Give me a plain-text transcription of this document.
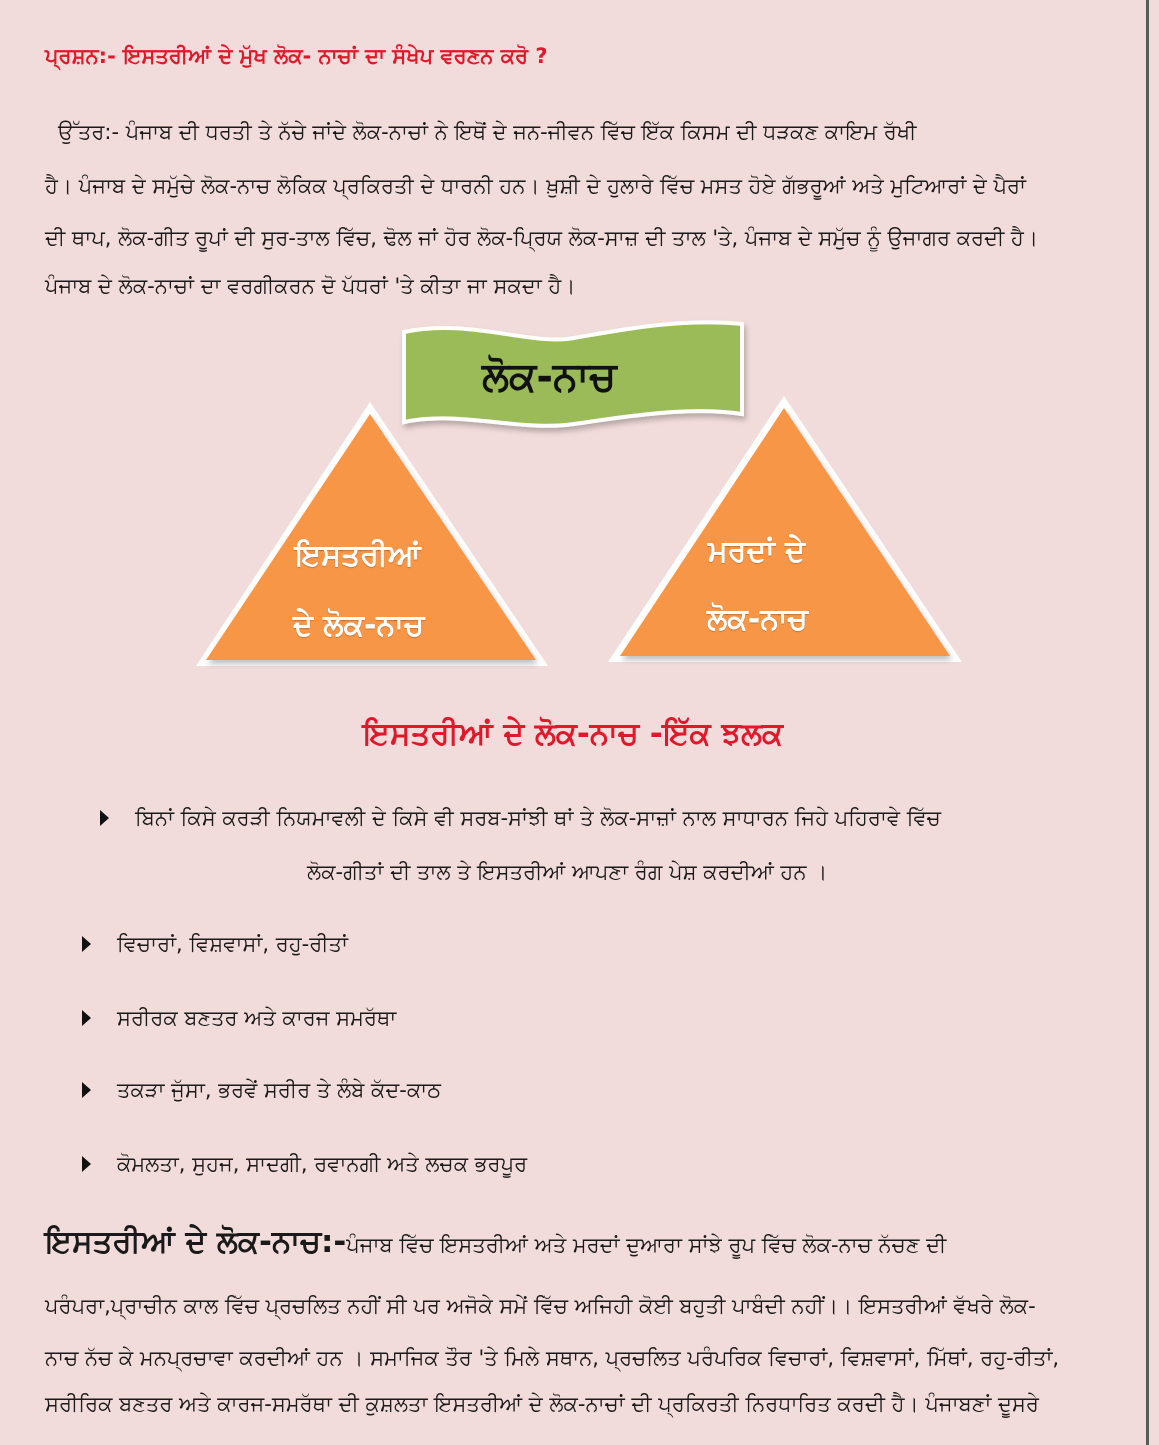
ਪ੍ਰਸ਼ਨ:- ਇਸਤਰੀਆਂ ਦੇ ਮੁੱਖ ਲੋਕ- ਨਾਚਾਂ ਦਾ ਸੰਖੇਪ ਵਰਣਨ ਕਰੋ ?
ਉੱਤਰ:- ਪੰਜਾਬ ਦੀ ਧਰਤੀ ਤੇ ਨੱਚੇ ਜਾਂਦੇ ਲੋਕ-ਨਾਚਾਂ ਨੇ ਇਥੋਂ ਦੇ ਜਨ-ਜੀਵਨ ਵਿੱਚ ਇੱਕ ਕਿਸਮ ਦੀ ਧੜਕਣ ਕਾਇਮ ਰੱਖੀ
ਹੈ। ਪੰਜਾਬ ਦੇ ਸਮੁੱਚੇ ਲੋਕ-ਨਾਚ ਲੋਕਿਕ ਪ੍ਰਕਿਰਤੀ ਦੇ ਧਾਰਨੀ ਹਨ। ਖ਼ੁਸ਼ੀ ਦੇ ਹੁਲਾਰੇ ਵਿੱਚ ਮਸਤ ਹੋਏ ਗੱਭਰੂਆਂ ਅਤੇ ਮੁਟਿਆਰਾਂ ਦੇ ਪੈਰਾਂ
ਦੀ ਥਾਪ, ਲੋਕ-ਗੀਤ ਰੂਪਾਂ ਦੀ ਸੁਰ-ਤਾਲ ਵਿੱਚ, ਢੋਲ ਜਾਂ ਹੋਰ ਲੋਕ-ਪ੍ਰਿਯ ਲੋਕ-ਸਾਜ਼ ਦੀ ਤਾਲ 'ਤੇ, ਪੰਜਾਬ ਦੇ ਸਮੁੱਚ ਨੂੰ ਉਜਾਗਰ ਕਰਦੀ ਹੈ।
ਪੰਜਾਬ ਦੇ ਲੋਕ-ਨਾਚਾਂ ਦਾ ਵਰਗੀਕਰਨ ਦੋ ਪੱਧਰਾਂ 'ਤੇ ਕੀਤਾ ਜਾ ਸਕਦਾ ਹੈ।
ਲੋਕ-ਨਾਚ
ਇਸਤਰੀਆਂ
ਦੇ ਲੋਕ-ਨਾਚ
ਮਰਦਾਂ ਦੇ
ਲੋਕ-ਨਾਚ
ਇਸਤਰੀਆਂ ਦੇ ਲੋਕ-ਨਾਚ -ਇੱਕ ਝਲਕ
ਬਿਨਾਂ ਕਿਸੇ ਕਰੜੀ ਨਿਯਮਾਵਲੀ ਦੇ ਕਿਸੇ ਵੀ ਸਰਬ-ਸਾਂਝੀ ਥਾਂ ਤੇ ਲੋਕ-ਸਾਜ਼ਾਂ ਨਾਲ ਸਾਧਾਰਨ ਜਿਹੇ ਪਹਿਰਾਵੇ ਵਿੱਚ
ਲੋਕ-ਗੀਤਾਂ ਦੀ ਤਾਲ ਤੇ ਇਸਤਰੀਆਂ ਆਪਣਾ ਰੰਗ ਪੇਸ਼ ਕਰਦੀਆਂ ਹਨ ।
ਵਿਚਾਰਾਂ, ਵਿਸ਼ਵਾਸਾਂ, ਰਹੁ-ਰੀਤਾਂ
ਸਰੀਰਕ ਬਣਤਰ ਅਤੇ ਕਾਰਜ ਸਮਰੱਥਾ
ਤਕੜਾ ਜੁੱਸਾ, ਭਰਵੇਂ ਸਰੀਰ ਤੇ ਲੰਬੇ ਕੱਦ-ਕਾਠ
ਕੋਮਲਤਾ, ਸੁਹਜ, ਸਾਦਗੀ, ਰਵਾਨਗੀ ਅਤੇ ਲਚਕ ਭਰਪੂਰ
ਇਸਤਰੀਆਂ ਦੇ ਲੋਕ-ਨਾਚ:-ਪੰਜਾਬ ਵਿੱਚ ਇਸਤਰੀਆਂ ਅਤੇ ਮਰਦਾਂ ਦੁਆਰਾ ਸਾਂਝੇ ਰੂਪ ਵਿੱਚ ਲੋਕ-ਨਾਚ ਨੱਚਣ ਦੀ
ਪਰੰਪਰਾ,ਪ੍ਰਾਚੀਨ ਕਾਲ ਵਿੱਚ ਪ੍ਰਚਲਿਤ ਨਹੀਂ ਸੀ ਪਰ ਅਜੋਕੇ ਸਮੇਂ ਵਿੱਚ ਅਜਿਹੀ ਕੋਈ ਬਹੁਤੀ ਪਾਬੰਦੀ ਨਹੀਂ।। ਇਸਤਰੀਆਂ ਵੱਖਰੇ ਲੋਕ-
ਨਾਚ ਨੱਚ ਕੇ ਮਨਪ੍ਰਚਾਵਾ ਕਰਦੀਆਂ ਹਨ । ਸਮਾਜਿਕ ਤੌਰ 'ਤੇ ਮਿਲੇ ਸਥਾਨ, ਪ੍ਰਚਲਿਤ ਪਰੰਪਰਿਕ ਵਿਚਾਰਾਂ, ਵਿਸ਼ਵਾਸਾਂ, ਮਿੱਥਾਂ, ਰਹੁ-ਰੀਤਾਂ,
ਸਰੀਰਿਕ ਬਣਤਰ ਅਤੇ ਕਾਰਜ-ਸਮਰੱਥਾ ਦੀ ਕੁਸ਼ਲਤਾ ਇਸਤਰੀਆਂ ਦੇ ਲੋਕ-ਨਾਚਾਂ ਦੀ ਪ੍ਰਕਿਰਤੀ ਨਿਰਧਾਰਿਤ ਕਰਦੀ ਹੈ। ਪੰਜਾਬਣਾਂ ਦੂਸਰੇ
